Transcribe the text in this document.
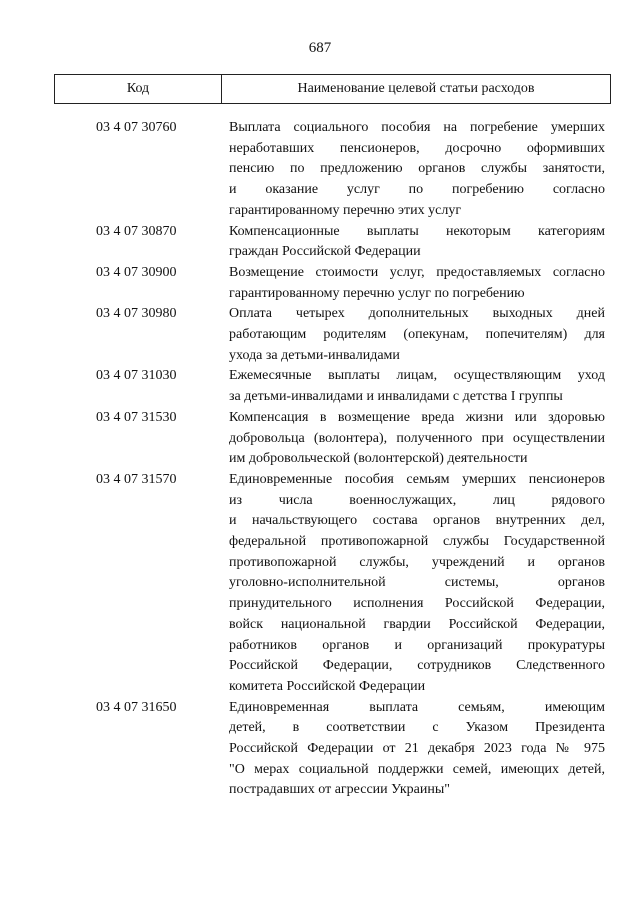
687
Код	Наименование целевой статьи расходов
03 4 07 30760	Выплата социального пособия на погребение умерших
неработавших пенсионеров, досрочно оформивших
пенсию по предложению органов службы занятости,
и оказание услуг по погребению согласно
гарантированному перечню этих услуг
03 4 07 30870	Компенсационные выплаты некоторым категориям
граждан Российской Федерации
03 4 07 30900	Возмещение стоимости услуг, предоставляемых согласно
гарантированному перечню услуг по погребению
03 4 07 30980	Оплата четырех дополнительных выходных дней
работающим родителям (опекунам, попечителям) для
ухода за детьми-инвалидами
03 4 07 31030	Ежемесячные выплаты лицам, осуществляющим уход
за детьми-инвалидами и инвалидами с детства I группы
03 4 07 31530	Компенсация в возмещение вреда жизни или здоровью
добровольца (волонтера), полученного при осуществлении
им добровольческой (волонтерской) деятельности
03 4 07 31570	Единовременные пособия семьям умерших пенсионеров
из числа военнослужащих, лиц рядового
и начальствующего состава органов внутренних дел,
федеральной противопожарной службы Государственной
противопожарной службы, учреждений и органов
уголовно-исполнительной системы, органов
принудительного исполнения Российской Федерации,
войск национальной гвардии Российской Федерации,
работников органов и организаций прокуратуры
Российской Федерации, сотрудников Следственного
комитета Российской Федерации
03 4 07 31650	Единовременная выплата семьям, имеющим
детей, в соответствии с Указом Президента
Российской Федерации от 21 декабря 2023 года № 975
"О мерах социальной поддержки семей, имеющих детей,
пострадавших от агрессии Украины"
